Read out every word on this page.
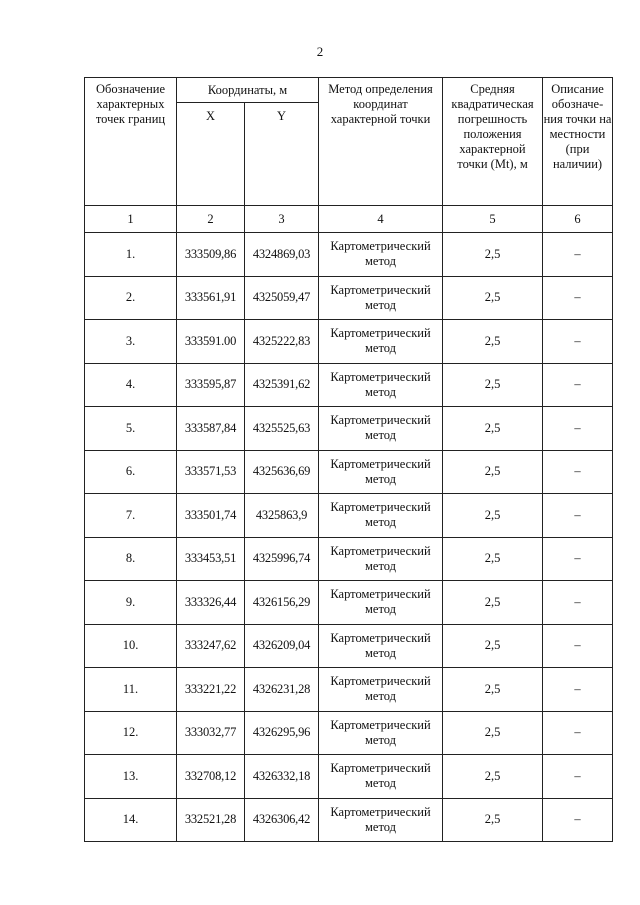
2
Обозначение характерных точек границ	Координаты, м		Метод определения координат характерной точки	Средняя квадратическая погрешность положения характерной точки (Mt), м	Описание обозначе-ния точки на местности (при наличии)
	X	Y			
1	2	3	4	5	6
1.	333509,86	4324869,03	Картометрический метод	2,5	–
2.	333561,91	4325059,47	Картометрический метод	2,5	–
3.	333591.00	4325222,83	Картометрический метод	2,5	–
4.	333595,87	4325391,62	Картометрический метод	2,5	–
5.	333587,84	4325525,63	Картометрический метод	2,5	–
6.	333571,53	4325636,69	Картометрический метод	2,5	–
7.	333501,74	4325863,9	Картометрический метод	2,5	–
8.	333453,51	4325996,74	Картометрический метод	2,5	–
9.	333326,44	4326156,29	Картометрический метод	2,5	–
10.	333247,62	4326209,04	Картометрический метод	2,5	–
11.	333221,22	4326231,28	Картометрический метод	2,5	–
12.	333032,77	4326295,96	Картометрический метод	2,5	–
13.	332708,12	4326332,18	Картометрический метод	2,5	–
14.	332521,28	4326306,42	Картометрический метод	2,5	–
